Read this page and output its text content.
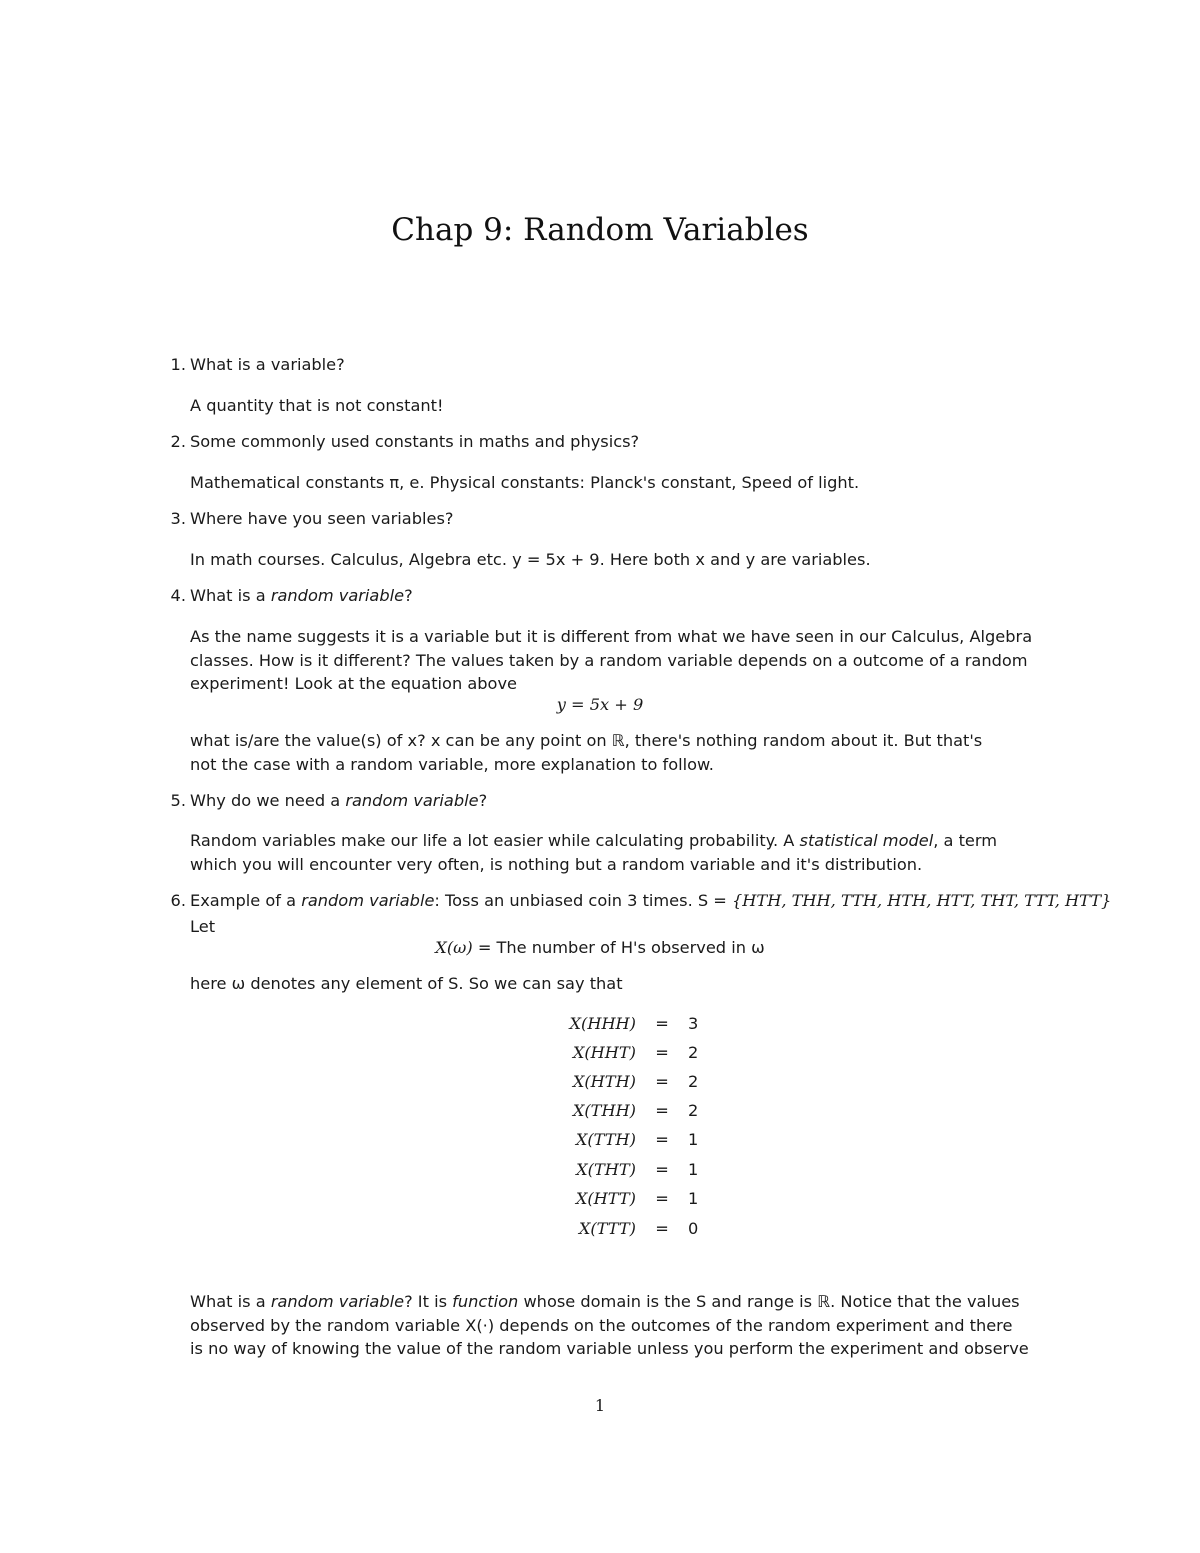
Chap 9: Random Variables
1. What is a variable?
A quantity that is not constant!
2. Some commonly used constants in maths and physics?
Mathematical constants π, e. Physical constants: Planck's constant, Speed of light.
3. Where have you seen variables?
In math courses. Calculus, Algebra etc. y = 5x + 9. Here both x and y are variables.
4. What is a random variable?
As the name suggests it is a variable but it is different from what we have seen in our Calculus, Algebra
classes. How is it different? The values taken by a random variable depends on a outcome of a random
experiment! Look at the equation above
y = 5x + 9
what is/are the value(s) of x? x can be any point on ℝ, there's nothing random about it. But that's
not the case with a random variable, more explanation to follow.
5. Why do we need a random variable?
Random variables make our life a lot easier while calculating probability. A statistical model, a term
which you will encounter very often, is nothing but a random variable and it's distribution.
6. Example of a random variable: Toss an unbiased coin 3 times. S = {HTH, THH, TTH, HTH, HTT, THT, TTT, HTT}
Let
X(ω) = The number of H's observed in ω
here ω denotes any element of S. So we can say that
X(HHH) = 3
X(HHT) = 2
X(HTH) = 2
X(THH) = 2
X(TTH) = 1
X(THT) = 1
X(HTT) = 1
X(TTT) = 0
What is a random variable? It is function whose domain is the S and range is ℝ. Notice that the values
observed by the random variable X(·) depends on the outcomes of the random experiment and there
is no way of knowing the value of the random variable unless you perform the experiment and observe
1
